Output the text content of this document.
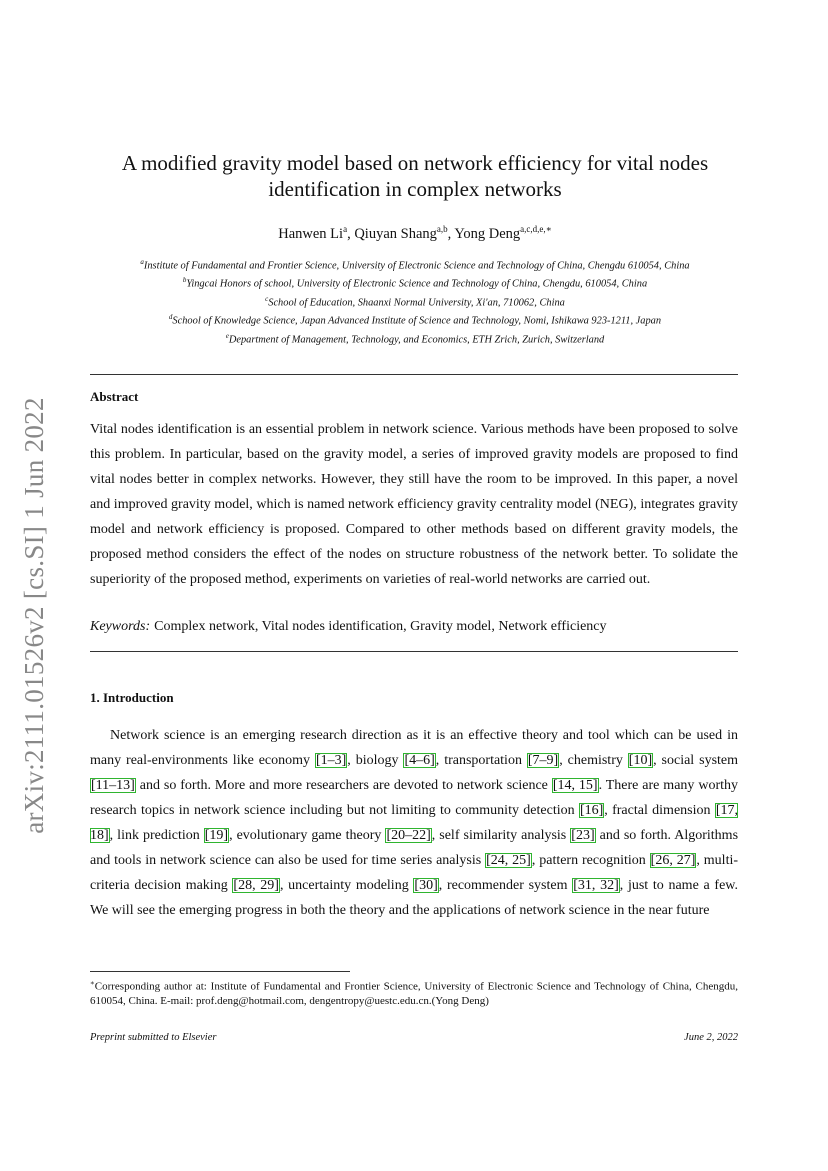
arXiv:2111.01526v2 [cs.SI] 1 Jun 2022
A modified gravity model based on network efficiency for vital nodes identification in complex networks
Hanwen Li$^a$, Qiuyan Shang$^{a,b}$, Yong Deng$^{a,c,d,e,∗}$
$^a$Institute of Fundamental and Frontier Science, University of Electronic Science and Technology of China, Chengdu 610054, China
$^b$Yingcai Honors of school, University of Electronic Science and Technology of China, Chengdu, 610054, China
$^c$School of Education, Shaanxi Normal University, Xi'an, 710062, China
$^d$School of Knowledge Science, Japan Advanced Institute of Science and Technology, Nomi, Ishikawa 923-1211, Japan
$^e$Department of Management, Technology, and Economics, ETH Zrich, Zurich, Switzerland
Abstract

Vital nodes identification is an essential problem in network science. Various methods have been proposed to solve this problem. In particular, based on the gravity model, a series of improved gravity models are proposed to find vital nodes better in complex networks. However, they still have the room to be improved. In this paper, a novel and improved gravity model, which is named network efficiency gravity centrality model (NEG), integrates gravity model and network efficiency is proposed. Compared to other methods based on different gravity models, the proposed method considers the effect of the nodes on structure robustness of the network better. To solidate the superiority of the proposed method, experiments on varieties of real-world networks are carried out.

Keywords: Complex network, Vital nodes identification, Gravity model, Network efficiency
1. Introduction
Network science is an emerging research direction as it is an effective theory and tool which can be used in many real-environments like economy [1–3], biology [4–6], transportation [7–9], chemistry [10], social system [11–13] and so forth. More and more researchers are devoted to network science [14, 15]. There are many worthy research topics in network science including but not limiting to community detection [16], fractal dimension [17, 18], link prediction [19], evolutionary game theory [20–22], self similarity analysis [23] and so forth. Algorithms and tools in network science can also be used for time series analysis [24, 25], pattern recognition [26, 27], multi-criteria decision making [28, 29], uncertainty modeling [30], recommender system [31, 32], just to name a few. We will see the emerging progress in both the theory and the applications of network science in the near future
∗Corresponding author at: Institute of Fundamental and Frontier Science, University of Electronic Science and Technology of China, Chengdu, 610054, China. E-mail: prof.deng@hotmail.com, dengentropy@uestc.edu.cn.(Yong Deng)
Preprint submitted to Elsevier	June 2, 2022
